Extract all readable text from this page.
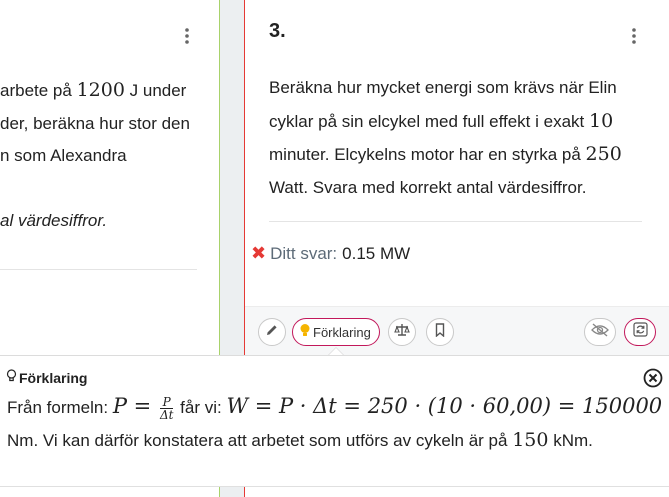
arbete på 1200 J under
der, beräkna hur stor den
n som Alexandra

al värdesiffror.
3.
Beräkna hur mycket energi som krävs när Elin cyklar på sin elcykel med full effekt i exakt 10 minuter. Elcykelns motor har en styrka på 250 Watt. Svara med korrekt antal värdesiffror.
✖ Ditt svar: 0.15 MW
Förklaring
Förklaring
Från formeln: $P = \frac{P}{\Delta t}$ får vi: W = P · Δt = 250 · (10 · 60,00) = 150000
Nm. Vi kan därför konstatera att arbetet som utförs av cykeln är på 150 kNm.
